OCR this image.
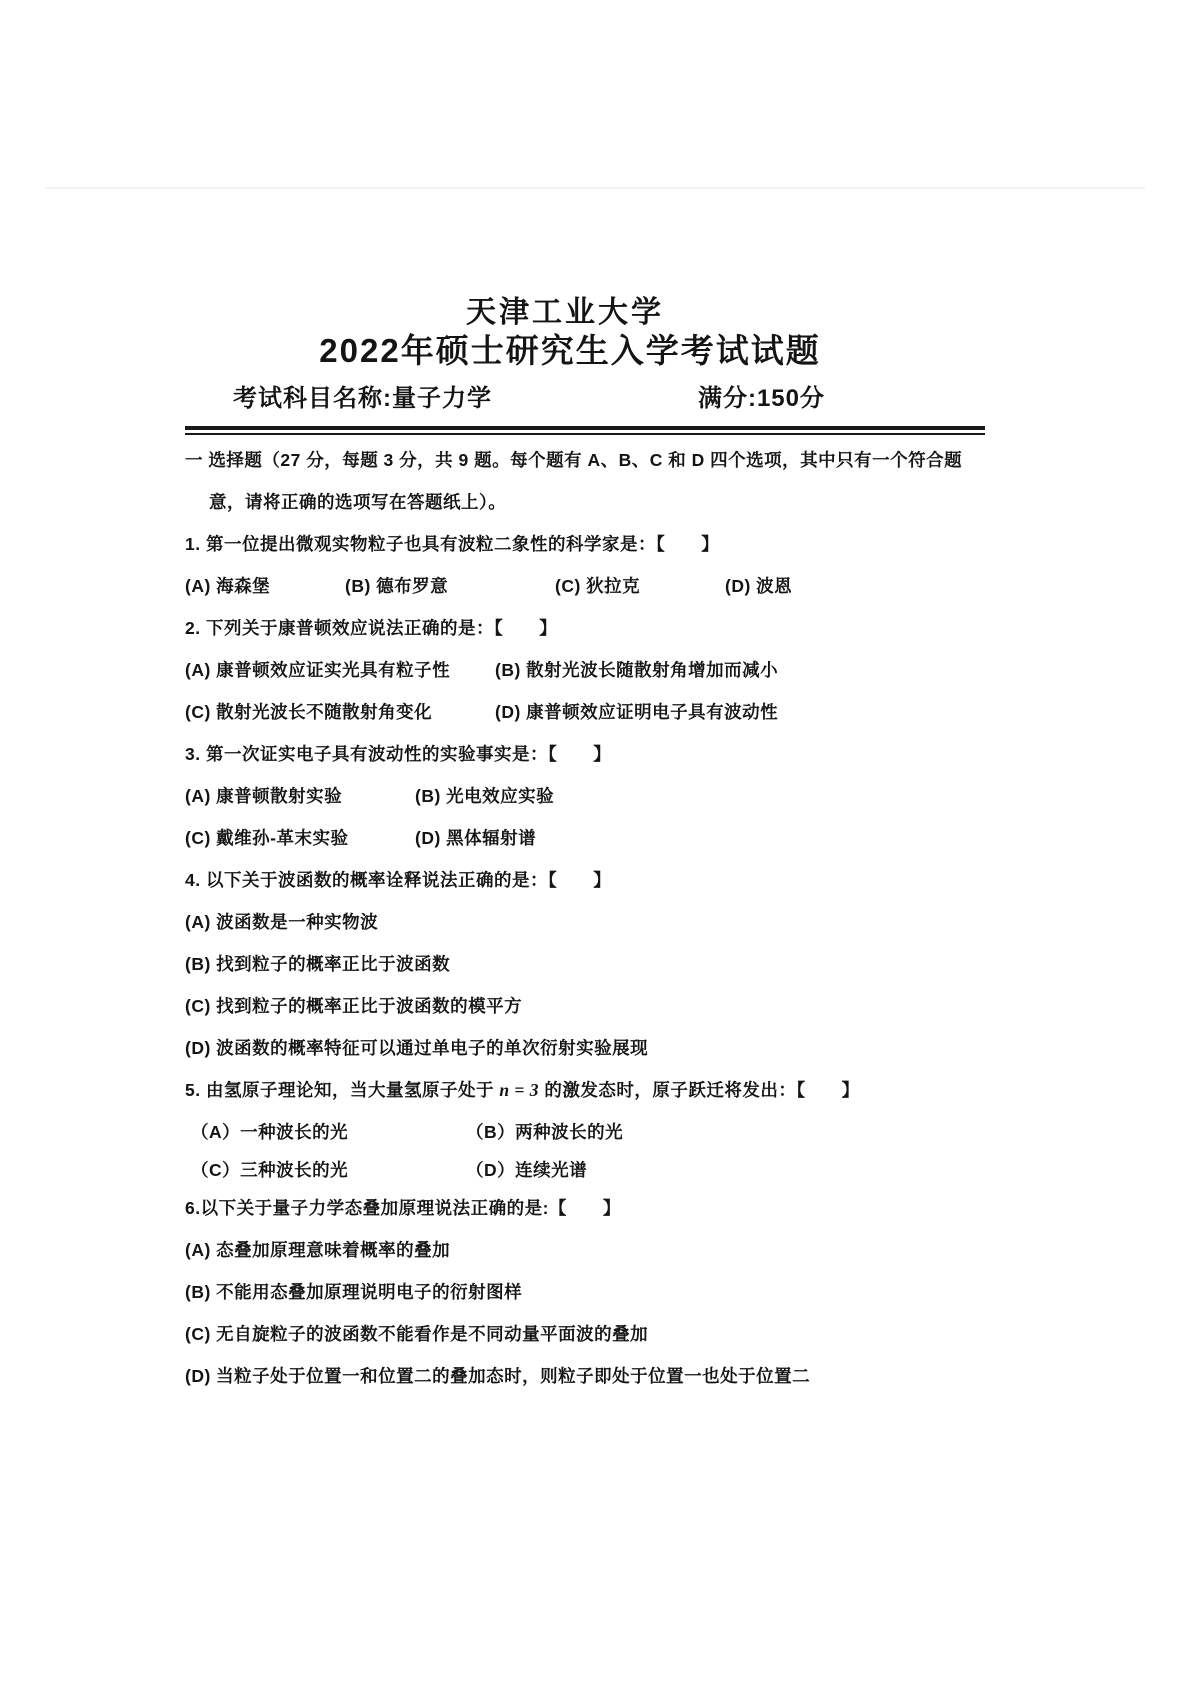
天津工业大学
2022年硕士研究生入学考试试题
考试科目名称:量子力学	满分:150分

一 选择题（27 分，每题 3 分，共 9 题。每个题有 A、B、C 和 D 四个选项，其中只有一个符合题

意，请将正确的选项写在答题纸上）。

1. 第一位提出微观实物粒子也具有波粒二象性的科学家是：【　　】

(A) 海森堡	(B) 德布罗意	(C) 狄拉克	(D) 波恩

2. 下列关于康普顿效应说法正确的是：【　　】

(A) 康普顿效应证实光具有粒子性	(B) 散射光波长随散射角增加而减小
(C) 散射光波长不随散射角变化	(D) 康普顿效应证明电子具有波动性

3. 第一次证实电子具有波动性的实验事实是：【　　】

(A) 康普顿散射实验	(B) 光电效应实验
(C) 戴维孙-革末实验	(D) 黑体辐射谱

4. 以下关于波函数的概率诠释说法正确的是：【　　】

(A) 波函数是一种实物波

(B) 找到粒子的概率正比于波函数

(C) 找到粒子的概率正比于波函数的模平方

(D) 波函数的概率特征可以通过单电子的单次衍射实验展现

5. 由氢原子理论知，当大量氢原子处于 n = 3 的激发态时，原子跃迁将发出：【　　】

（A）一种波长的光	（B）两种波长的光
（C）三种波长的光	（D）连续光谱

6.以下关于量子力学态叠加原理说法正确的是:【　　】

(A) 态叠加原理意味着概率的叠加

(B) 不能用态叠加原理说明电子的衍射图样

(C) 无自旋粒子的波函数不能看作是不同动量平面波的叠加

(D) 当粒子处于位置一和位置二的叠加态时，则粒子即处于位置一也处于位置二
